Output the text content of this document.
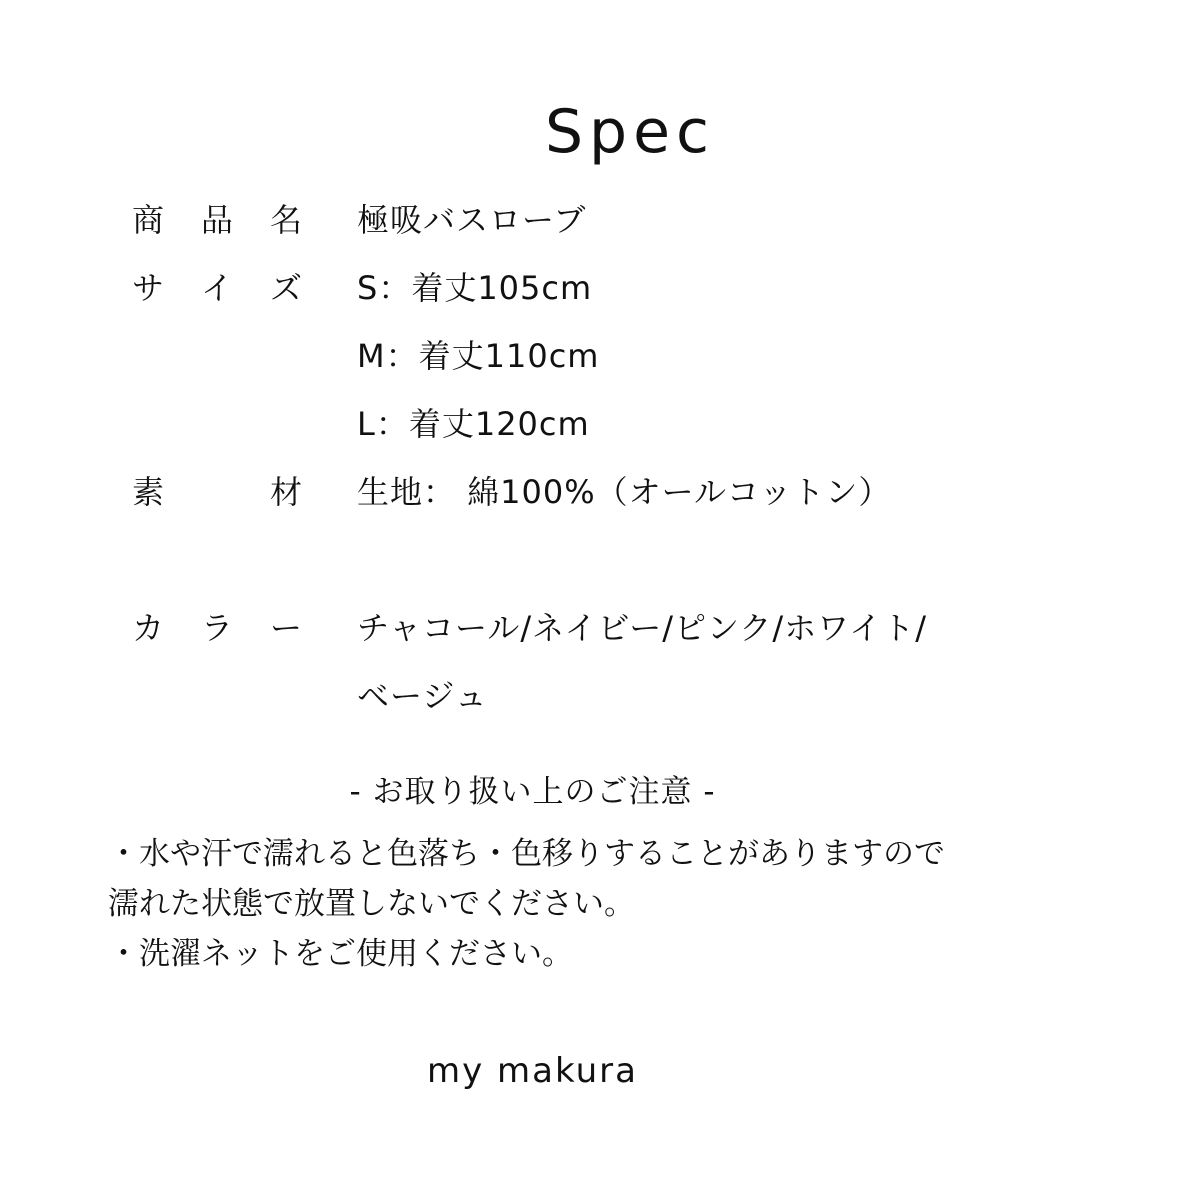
Spec
商 品 名 極吸バスローブ
サ イ ズ S：着丈105cm
M：着丈110cm
L：着丈120cm
素	材 生地： 綿100%（オールコットン）
カ ラ ー チャコール/ネイビー/ピンク/ホワイト/
ベージュ
- お取り扱い上のご注意 -
・水や汗で濡れると色落ち・色移りすることがありますので
濡れた状態で放置しないでください。
・洗濯ネットをご使用ください。
my makura
